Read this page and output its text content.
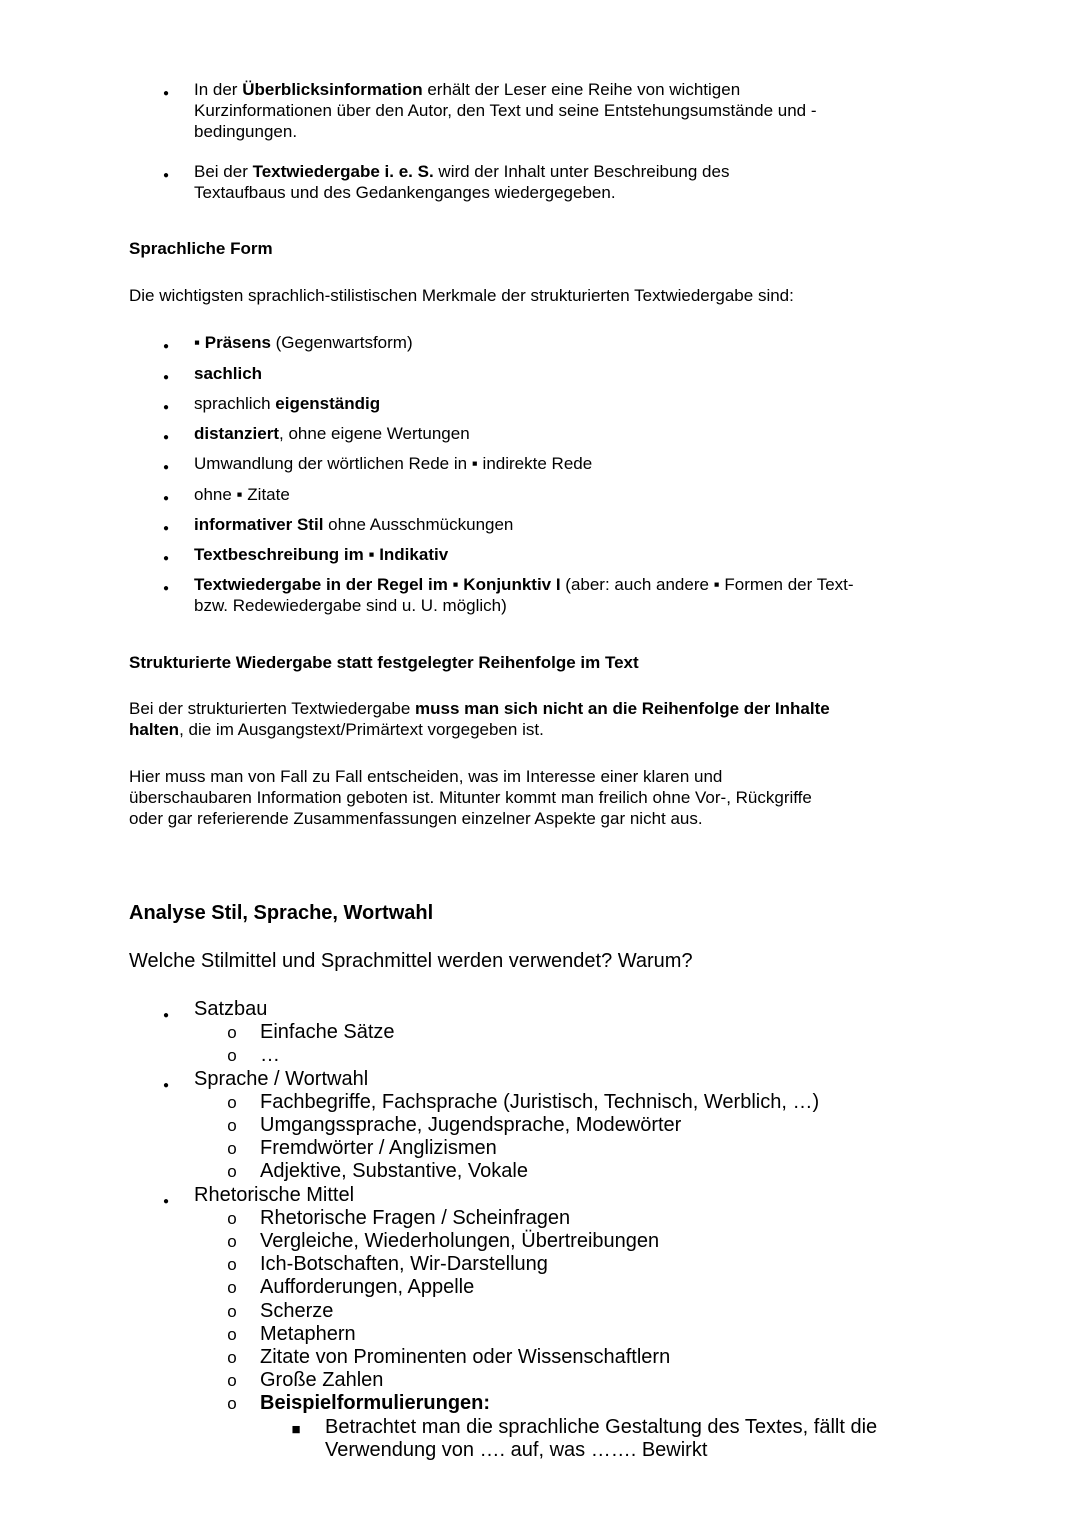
● In der Überblicksinformation erhält der Leser eine Reihe von wichtigen Kurzinformationen über den Autor, den Text und seine Entstehungsumstände und -bedingungen.

● Bei der Textwiedergabe i. e. S. wird der Inhalt unter Beschreibung des Textaufbaus und des Gedankenganges wiedergegeben.

Sprachliche Form

Die wichtigsten sprachlich-stilistischen Merkmale der strukturierten Textwiedergabe sind:

● ▪ Präsens (Gegenwartsform)

● sachlich

● sprachlich eigenständig

● distanziert, ohne eigene Wertungen

● Umwandlung der wörtlichen Rede in ▪ indirekte Rede

● ohne ▪ Zitate

● informativer Stil ohne Ausschmückungen

● Textbeschreibung im ▪ Indikativ

● Textwiedergabe in der Regel im ▪ Konjunktiv I (aber: auch andere ▪ Formen der Text- bzw. Redewiedergabe sind u. U. möglich)

Strukturierte Wiedergabe statt festgelegter Reihenfolge im Text

Bei der strukturierten Textwiedergabe muss man sich nicht an die Reihenfolge der Inhalte halten, die im Ausgangstext/Primärtext vorgegeben ist.

Hier muss man von Fall zu Fall entscheiden, was im Interesse einer klaren und überschaubaren Information geboten ist. Mitunter kommt man freilich ohne Vor-, Rückgriffe oder gar referierende Zusammenfassungen einzelner Aspekte gar nicht aus.

Analyse Stil, Sprache, Wortwahl

Welche Stilmittel und Sprachmittel werden verwendet? Warum?

● Satzbau

o Einfache Sätze

o …

● Sprache / Wortwahl

o Fachbegriffe, Fachsprache (Juristisch, Technisch, Werblich, …)

o Umgangssprache, Jugendsprache, Modewörter

o Fremdwörter / Anglizismen

o Adjektive, Substantive, Vokale

● Rhetorische Mittel

o Rhetorische Fragen / Scheinfragen

o Vergleiche, Wiederholungen, Übertreibungen

o Ich-Botschaften, Wir-Darstellung

o Aufforderungen, Appelle

o Scherze

o Metaphern

o Zitate von Prominenten oder Wissenschaftlern

o Große Zahlen

o Beispielformulierungen:

■ Betrachtet man die sprachliche Gestaltung des Textes, fällt die Verwendung von …. auf, was ……. Bewirkt
